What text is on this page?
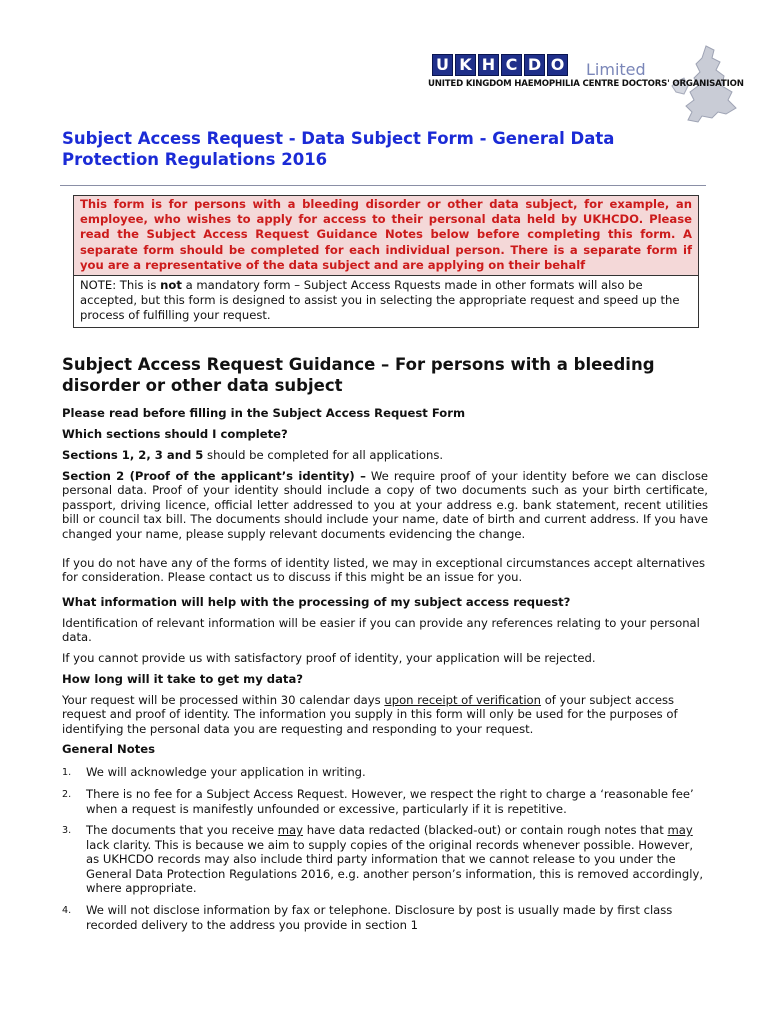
U K H C D O Limited
UNITED KINGDOM HAEMOPHILIA CENTRE DOCTORS' ORGANISATION
Subject Access Request - Data Subject Form - General Data Protection Regulations 2016
This form is for persons with a bleeding disorder or other data subject, for example, an employee, who wishes to apply for access to their personal data held by UKHCDO. Please read the Subject Access Request Guidance Notes below before completing this form. A separate form should be completed for each individual person. There is a separate form if you are a representative of the data subject and are applying on their behalf
NOTE: This is not a mandatory form – Subject Access Rquests made in other formats will also be accepted, but this form is designed to assist you in selecting the appropriate request and speed up the process of fulfilling your request.
Subject Access Request Guidance – For persons with a bleeding disorder or other data subject
Please read before filling in the Subject Access Request Form
Which sections should I complete?
Sections 1, 2, 3 and 5 should be completed for all applications.
Section 2 (Proof of the applicant’s identity) – We require proof of your identity before we can disclose personal data. Proof of your identity should include a copy of two documents such as your birth certificate, passport, driving licence, official letter addressed to you at your address e.g. bank statement, recent utilities bill or council tax bill. The documents should include your name, date of birth and current address. If you have changed your name, please supply relevant documents evidencing the change.
If you do not have any of the forms of identity listed, we may in exceptional circumstances accept alternatives for consideration. Please contact us to discuss if this might be an issue for you.
What information will help with the processing of my subject access request?
Identification of relevant information will be easier if you can provide any references relating to your personal data.
If you cannot provide us with satisfactory proof of identity, your application will be rejected.
How long will it take to get my data?
Your request will be processed within 30 calendar days upon receipt of verification of your subject access request and proof of identity. The information you supply in this form will only be used for the purposes of identifying the personal data you are requesting and responding to your request.
General Notes
1. We will acknowledge your application in writing.
2. There is no fee for a Subject Access Request. However, we respect the right to charge a ‘reasonable fee’ when a request is manifestly unfounded or excessive, particularly if it is repetitive.
3. The documents that you receive may have data redacted (blacked-out) or contain rough notes that may lack clarity. This is because we aim to supply copies of the original records whenever possible. However, as UKHCDO records may also include third party information that we cannot release to you under the General Data Protection Regulations 2016, e.g. another person’s information, this is removed accordingly, where appropriate.
4. We will not disclose information by fax or telephone. Disclosure by post is usually made by first class recorded delivery to the address you provide in section 1
